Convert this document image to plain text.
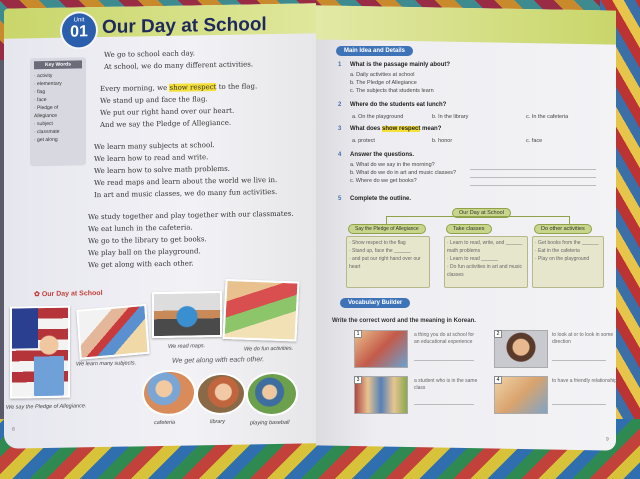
Unit
01 Our Day at School
Key Words
· activity
· elementary
· flag
· face
· Pledge of Allegiance
· subject
· classmate
· get along
We go to school each day.
At school, we do many different activities.
Every morning, we show respect to the flag.
We stand up and face the flag.
We put our right hand over our heart.
And we say the Pledge of Allegiance.
We learn many subjects at school.
We learn how to read and write.
We learn how to solve math problems.
We read maps and learn about the world we live in.
In art and music classes, we do many fun activities.
We study together and play together with our classmates.
We eat lunch in the cafeteria.
We go to the library to get books.
We play ball on the playground.
We get along with each other.
✿ Our Day at School
We say the Pledge of Allegiance.
We learn many subjects.
We read maps.	We do fun activities.
We get along with each other.
cafeteria	library	playing baseball
8
9
Main Idea and Details
1 What is the passage mainly about?
a. Daily activities at school
b. The Pledge of Allegiance
c. The subjects that students learn
2 Where do the students eat lunch?
a. On the playground	b. In the library	c. In the cafeteria
3 What does show respect mean?
a. protect	b. honor	c. face
4 Answer the questions.
a. What do we say in the morning?
b. What do we do in art and music classes?
c. Where do we get books?
5 Complete the outline.
Our Day at School
Say the Pledge of Allegiance
· Show respect to the flag
· Stand up, face the ______
· and put our right hand over our heart
Take classes
· Learn to read, write, and ______ math problems
· Learn to read ______
· Do fun activities in art and music classes
Do other activities
· Get books from the ______
· Eat in the cafeteria
· Play on the playground
Vocabulary Builder
Write the correct word and the meaning in Korean.
1	a thing you do at school for an educational experience
2	to look at or to look in some direction
3	a student who is in the same class
4	to have a friendly relationship
